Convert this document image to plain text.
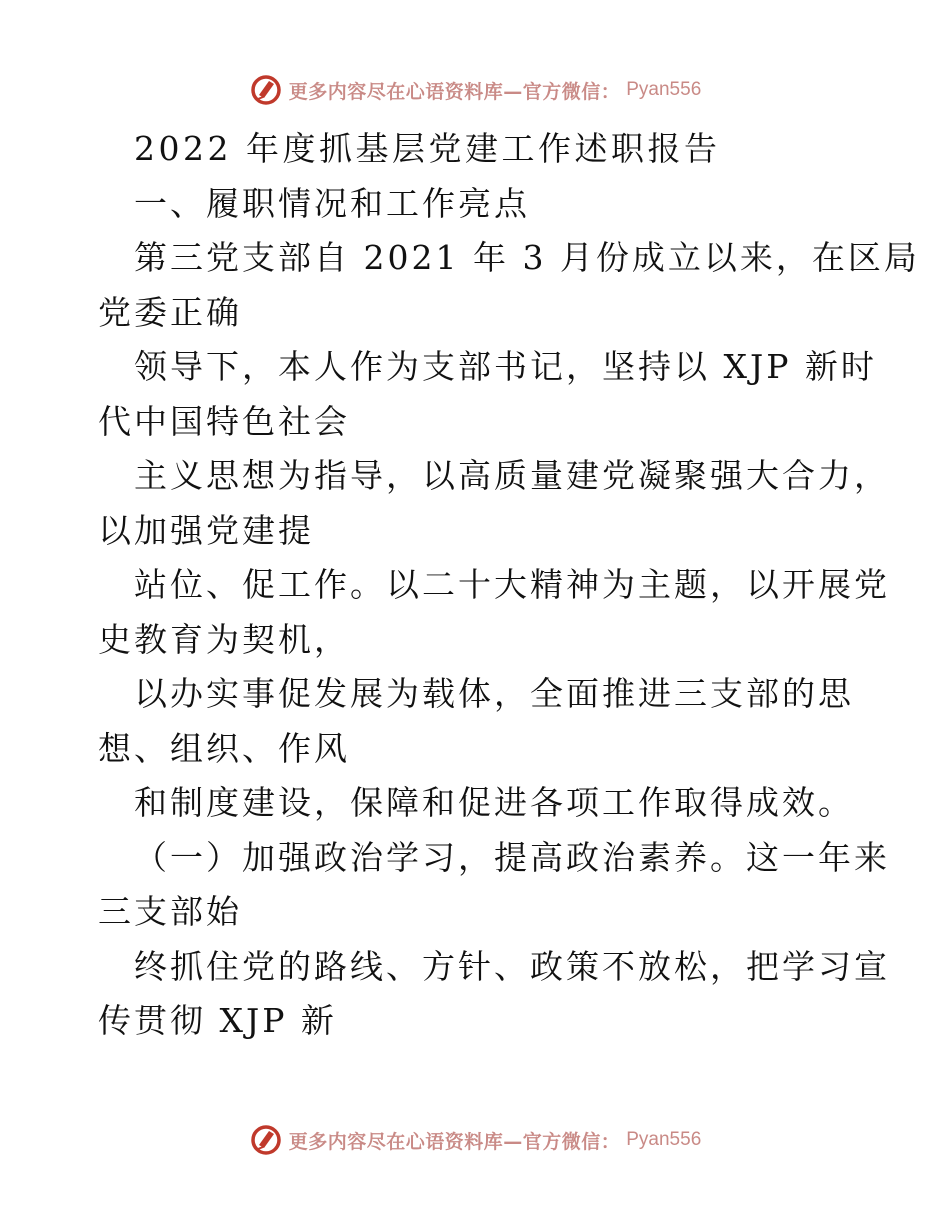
更多内容尽在心语资料库—官方微信： Pyan556
2022 年度抓基层党建工作述职报告
一、履职情况和工作亮点
第三党支部自 2021 年 3 月份成立以来，在区局
党委正确
领导下，本人作为支部书记，坚持以 XJP 新时
代中国特色社会
主义思想为指导，以高质量建党凝聚强大合力，
以加强党建提
站位、促工作。以二十大精神为主题，以开展党
史教育为契机，
以办实事促发展为载体，全面推进三支部的思
想、组织、作风
和制度建设，保障和促进各项工作取得成效。
（一）加强政治学习，提高政治素养。这一年来
三支部始
终抓住党的路线、方针、政策不放松，把学习宣
传贯彻 XJP 新
更多内容尽在心语资料库—官方微信： Pyan556
